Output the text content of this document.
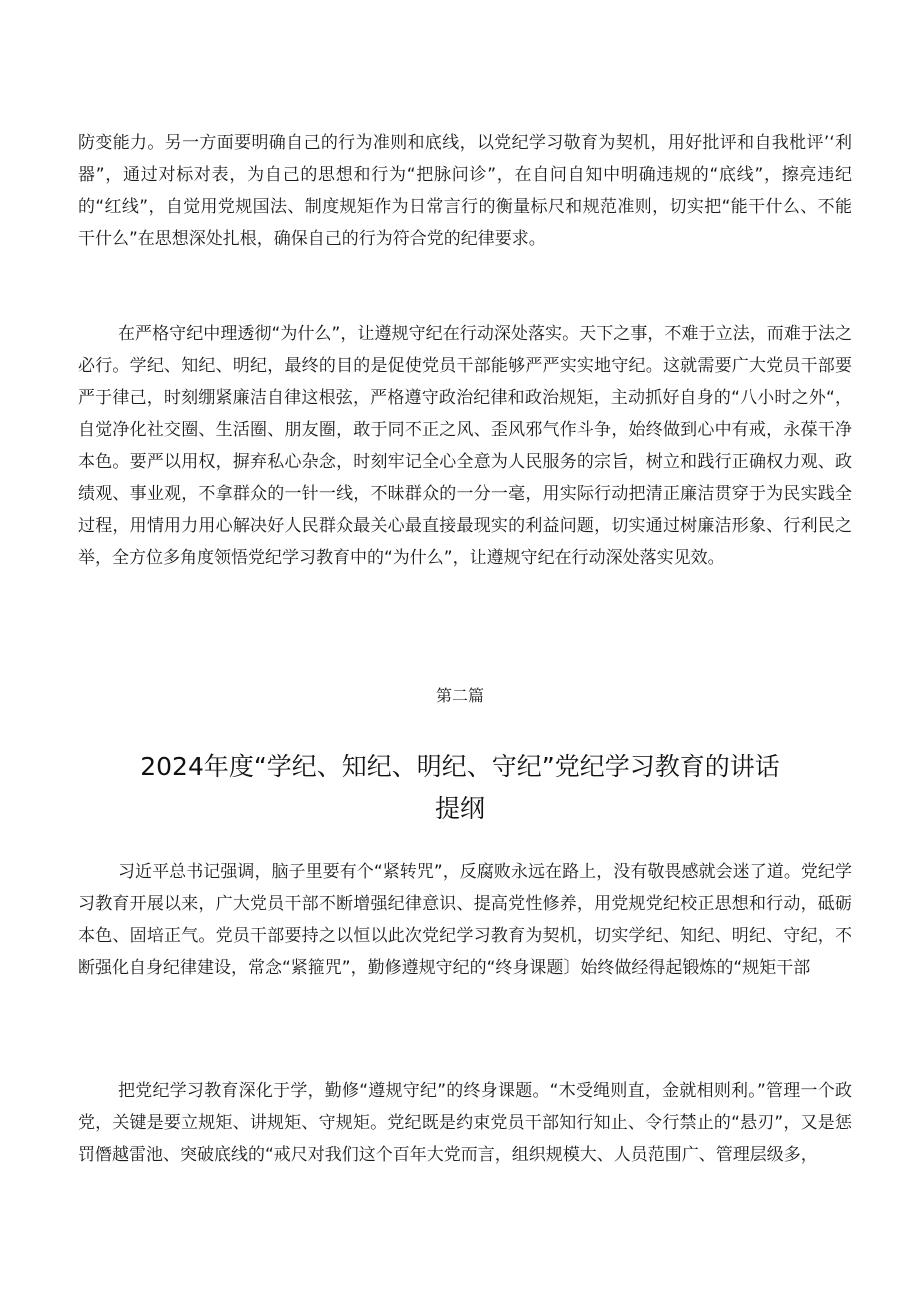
防变能力。另一方面要明确自己的行为准则和底线，以党纪学习敬育为契机，用好批评和自我枇评’‘利器”，通过对标对表，为自己的思想和行为“把脉问诊”，在自问自知中明确违规的“底线”，擦亮违纪的“红线”，自觉用党规国法、制度规矩作为日常言行的衡量标尺和规范准则，切实把“能干什么、不能干什么”在思想深处扎根，确保自己的行为符合党的纪律要求。

在严格守纪中理透彻“为什么”，让遵规守纪在行动深处落实。天下之事，不难于立法，而难于法之必行。学纪、知纪、明纪，最终的目的是促使党员干部能够严严实实地守纪。这就需要广大党员干部要严于律己，时刻绷紧廉洁自律这根弦，严格遵守政治纪律和政治规矩，主动抓好自身的“八小时之外“，自觉净化社交圈、生活圈、朋友圈，敢于同不正之风、歪风邪气作斗争，始终做到心中有戒，永葆干净本色。要严以用权，摒弃私心杂念，时刻牢记全心全意为人民服务的宗旨，树立和践行正确权力观、政绩观、事业观，不拿群众的一针一线，不昧群众的一分一毫，用实际行动把清正廉洁贯穿于为民实践全过程，用情用力用心解决好人民群众最关心最直接最现实的利益问题，切实通过树廉洁形象、行利民之举，全方位多角度领悟党纪学习教育中的“为什么”，让遵规守纪在行动深处落实见效。

第二篇
2024年度“学纪、知纪、明纪、守纪”党纪学习教育的讲话
提纲

习近平总书记强调，脑子里要有个“紧转咒”，反腐败永远在路上，没有敬畏感就会迷了道。党纪学习教育开展以来，广大党员干部不断增强纪律意识、提高党性修养，用党规党纪校正思想和行动，砥砺本色、固培正气。党员干部要持之以恒以此次党纪学习教育为契机，切实学纪、知纪、明纪、守纪，不断强化自身纪律建设，常念“紧箍咒”，勤修遵规守纪的“终身课题〕始终做经得起锻炼的“规矩干部

把党纪学习教育深化于学，勤修“遵规守纪”的终身课题。“木受绳则直，金就相则利。”管理一个政党，关键是要立规矩、讲规矩、守规矩。党纪既是约束党员干部知行知止、令行禁止的“悬刃”，又是惩罚僭越雷池、突破底线的“戒尺对我们这个百年大党而言，组织规模大、人员范围广、管理层级多，
